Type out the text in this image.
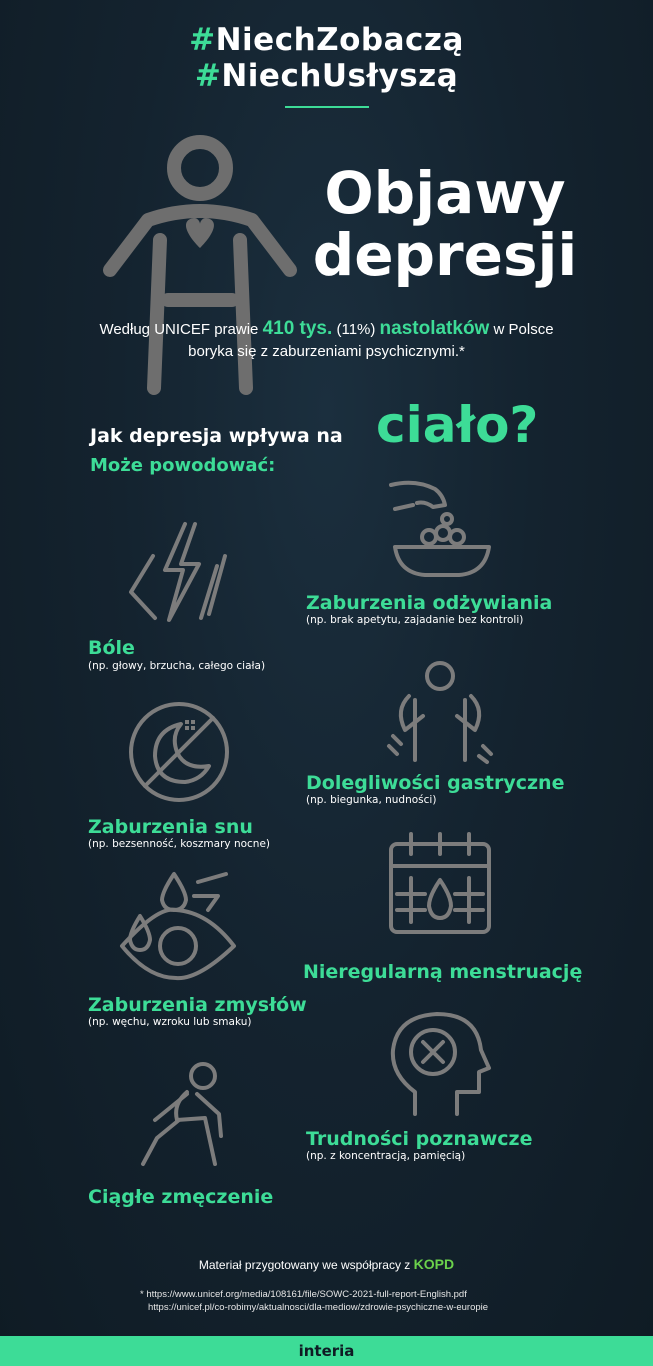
#NiechZobaczą
#NiechUsłyszą
Objawy
depresji
Według UNICEF prawie 410 tys. (11%) nastolatków w Polsce
boryka się z zaburzeniami psychicznymi.*
Jak depresja wpływa na ciało?
Może powodować:
Zaburzenia odżywiania
(np. brak apetytu, zajadanie bez kontroli)
Bóle
(np. głowy, brzucha, całego ciała)
Dolegliwości gastryczne
(np. biegunka, nudności)
Zaburzenia snu
(np. bezsenność, koszmary nocne)
Nieregularną menstruację
Zaburzenia zmysłów
(np. węchu, wzroku lub smaku)
Trudności poznawcze
(np. z koncentracją, pamięcią)
Ciągłe zmęczenie
Materiał przygotowany we współpracy z KOPD
* https://www.unicef.org/media/108161/file/SOWC-2021-full-report-English.pdf
https://unicef.pl/co-robimy/aktualnosci/dla-mediow/zdrowie-psychiczne-w-europie
interia
